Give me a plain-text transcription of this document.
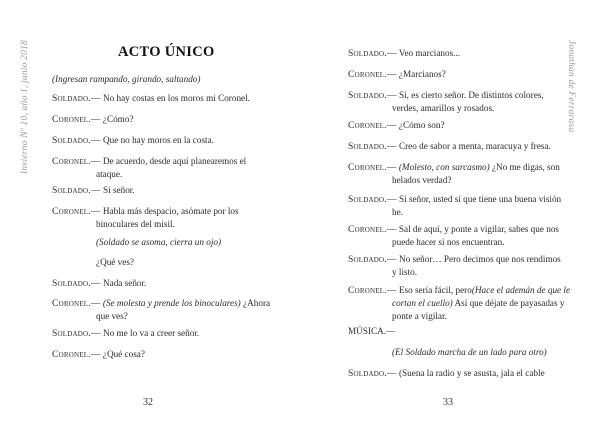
Invierno Nº 10, año 1, junio 2018	ACTO ÚNICO
(Ingresan rampando, girando, saltando)
Soldado.— No hay costas en los moros mi Coronel.
Coronel.— ¿Cómo?
Soldado.— Que no hay moros en la costa.
Coronel.— De acuerdo, desde aquí planearemos el
ataque.
Soldado.— Sí señor.
Coronel.— Habla más despacio, asómate por los
binoculares del misil.
(Soldado se asoma, cierra un ojo)
¿Qué ves?
Soldado.— Nada señor.
Coronel.— (Se molesta y prende los binoculares) ¿Ahora
que ves?
Soldado.— No me lo va a creer señor.
Coronel.— ¿Qué cosa?
32
Jonathan de Ferrarasa
Soldado.— Veo marcianos...
Coronel.— ¿Marcianos?
Soldado.— Sí, es cierto señor. De distintos colores,
verdes, amarillos y rosados.
Coronel.— ¿Cómo son?
Soldado.— Creo de sabor a menta, maracuya y fresa.
Coronel.— (Molesto, con sarcasmo) ¿No me digas, son
helados verdad?
Soldado.— Sí señor, usted sí que tiene una buena visión
he.
Coronel.— Sal de aquí, y ponte a vigilar, sabes que nos
puede hacer si nos encuentran.
Soldado.— No señor… Pero decimos que nos rendimos
y listo.
Coronel.— Eso sería fácil, pero(Hace el ademán de que le
cortan el cuello) Así que déjate de payasadas y
ponte a vigilar.
MÚSICA.—
(El Soldado marcha de un lado para otro)
Soldado.— (Suena la radio y se asusta, jala el cable
33
